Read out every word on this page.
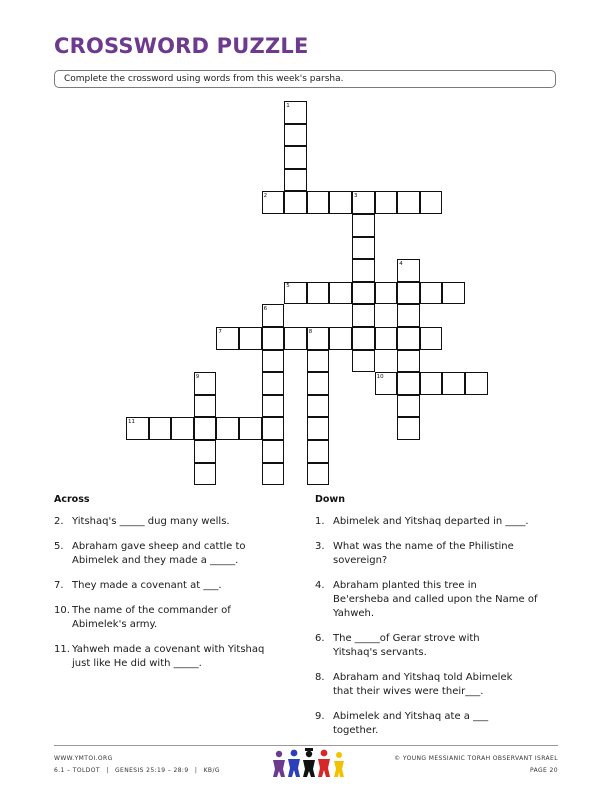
CROSSWORD PUZZLE
Complete the crossword using words from this week's parsha.
1
2	3
4
5
6
7	8
9	10
11
Across	Down
2. Yitshaq's _____ dug many wells.
5. Abraham gave sheep and cattle to
Abimelek and they made a _____.
7. They made a covenant at ___.
10. The name of the commander of
Abimelek's army.
11. Yahweh made a covenant with Yitshaq
just like He did with _____.
1. Abimelek and Yitshaq departed in ____.
3. What was the name of the Philistine
sovereign?
4. Abraham planted this tree in
Be'ersheba and called upon the Name of
Yahweh.
6. The _____of Gerar strove with
Yitshaq's servants.
8. Abraham and Yitshaq told Abimelek
that their wives were their___.
9. Abimelek and Yitshaq ate a ___
together.
WWW.YMTOI.ORG
6.1 – TOLDOT | GENESIS 25:19 – 28:9 | KB/G
© YOUNG MESSIANIC TORAH OBSERVANT ISRAEL
PAGE 20
